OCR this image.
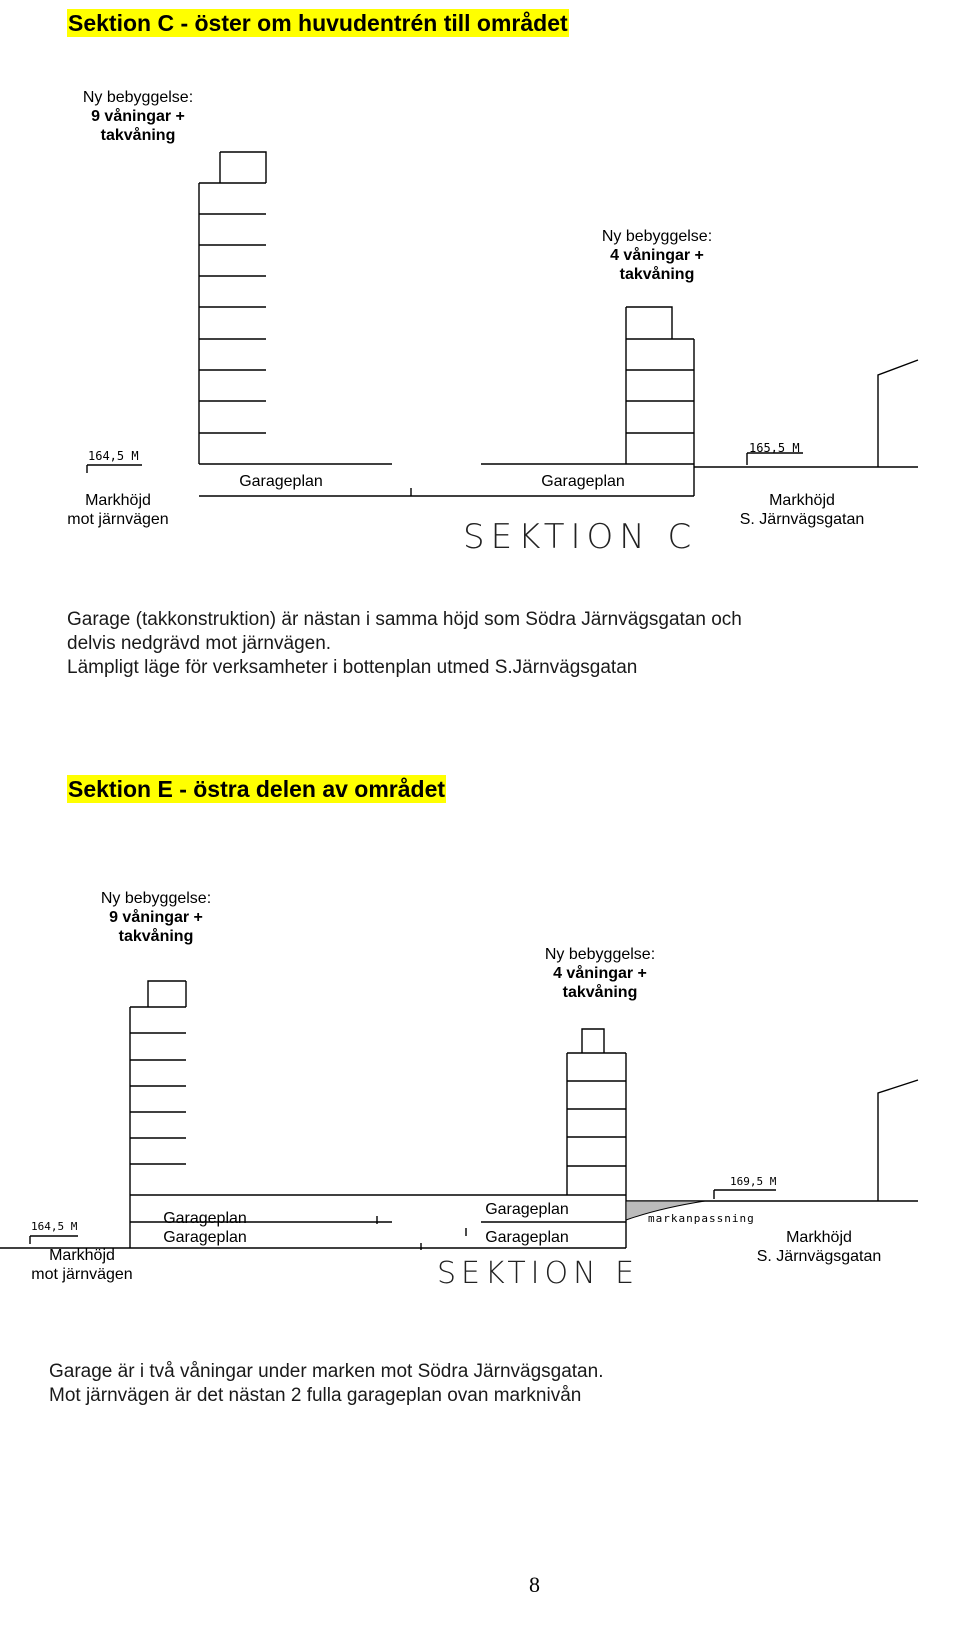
Sektion C - öster om huvudentrén till området
Ny bebyggelse:
9 våningar +
takvåning
Ny bebyggelse:
4 våningar +
takvåning
164,5 M
165,5 M
Garageplan	Garageplan
Markhöjd
mot järnvägen
Markhöjd
S. Järnvägsgatan
SEKTION C
Garage (takkonstruktion) är nästan i samma höjd som Södra Järnvägsgatan och
delvis nedgrävd mot järnvägen.
Lämpligt läge för verksamheter i bottenplan utmed S.Järnvägsgatan
Sektion E - östra delen av området
Ny bebyggelse:
9 våningar +
takvåning
Ny bebyggelse:
4 våningar +
takvåning
164,5 M
169,5 M
Garageplan
Garageplan
Garageplan
Garageplan
markanpassning
Markhöjd
mot järnvägen
Markhöjd
S. Järnvägsgatan
SEKTION E
Garage är i två våningar under marken mot Södra Järnvägsgatan.
Mot järnvägen är det nästan 2 fulla garageplan ovan marknivån
8
